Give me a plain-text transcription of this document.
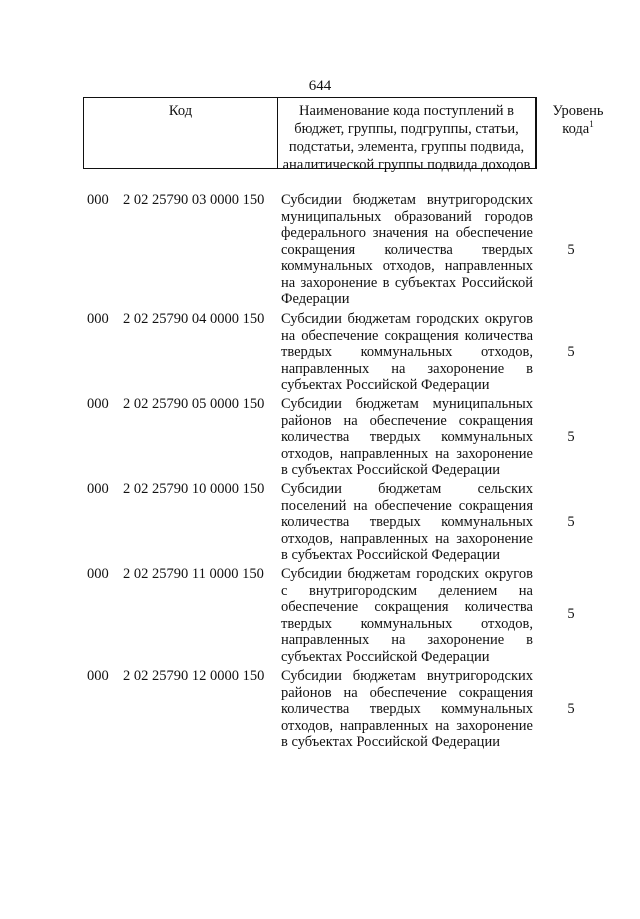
644
Код	Наименование кода поступлений в бюджет, группы, подгруппы, статьи, подстатьи, элемента, группы подвида, аналитической группы подвида доходов
Уровень кода$^1$
000 2 02 25790 03 0000 150 Субсидии бюджетам внутригородских муниципальных образований городов федерального значения на обеспечение сокращения количества твердых коммунальных отходов, направленных на захоронение в субъектах Российской Федерации
5
000 2 02 25790 04 0000 150 Субсидии бюджетам городских округов на обеспечение сокращения количества твердых коммунальных отходов, направленных на захоронение в субъектах Российской Федерации
5
000 2 02 25790 05 0000 150 Субсидии бюджетам муниципальных районов на обеспечение сокращения количества твердых коммунальных отходов, направленных на захоронение в субъектах Российской Федерации
5
000 2 02 25790 10 0000 150 Субсидии бюджетам сельских поселений на обеспечение сокращения количества твердых коммунальных отходов, направленных на захоронение в субъектах Российской Федерации
5
000 2 02 25790 11 0000 150 Субсидии бюджетам городских округов с внутригородским делением на обеспечение сокращения количества твердых коммунальных отходов, направленных на захоронение в субъектах Российской Федерации
5
000 2 02 25790 12 0000 150 Субсидии бюджетам внутригородских районов на обеспечение сокращения количества твердых коммунальных отходов, направленных на захоронение в субъектах Российской Федерации
5
